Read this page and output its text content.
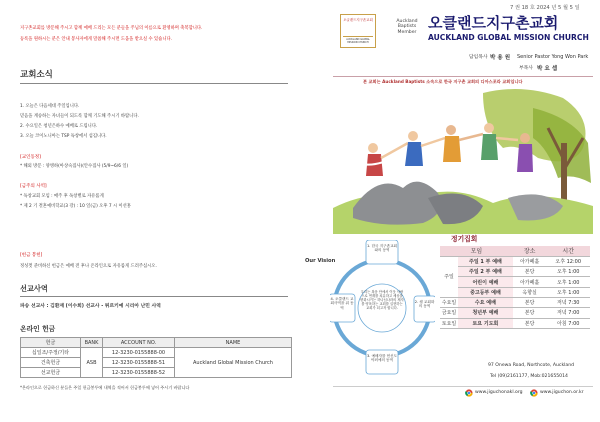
지구촌교회를 방문해 주시고 함께 예배 드리는 모든 분들을 주님의 이름으로 환영하며 축복합니다.
등록을 원하시는 분은 안내 봉사자에게 말씀해 주시면 도움을 받으실 수 있습니다.
교회소식
1. 오늘은 다음세대 주일입니다.
믿음을 계승하는 자녀들이 되도록 함께 기도해 주시기 바랍니다.
2. 수요일은 청년은하수 예배로 드립니다.
3. 오늘 코이노니아는 TSP 독창에서 섬깁니다.
[교인동정]
* 해외 방문 : 양병하(아상숙집사)(안수집사 (5/9~6/6 일)
[금주의 사역]
* 독창교회 모임 : 매주 후 독창별로 자유롭게
* 제 2 기 결혼예비학교(3 강) : 10 일(금) 오후 7 시 이선홍
[헌금 봉헌]
정성껏 준비하신 헌금은 예배 전 후나 온라인으로 자유롭게 드려주십시오.
선교사역
파송 선교사 : 김환재 (이수희) 선교사 - 튀르키예 시리아 난민 사역
온라인 헌금
헌금	BANK	ACCOUNT NO.	NAME
십일조/주정/기타	ASB	12-3230-0155888-00	Auckland Global Mission Church
건축헌금		12-3230-0155888-51	
선교헌금		12-3230-0155888-52	
*온라인으로 헌금하신 분들은 주일 헌금봉투에 내역을 적어서 헌금봉투에 넣어 주시기 바랍니다
7 권 18 호 2024 년 5 월 5 일
오클랜드지구촌교회
AUCKLAND GLOBAL MISSION CHURCH
Auckland Baptists Member
오클랜드지구촌교회
AUCKLAND GLOBAL MISSION CHURCH
담임목사 박 용 원 Senior Pastor Yong Won Park
부목사 박 요 셉
본 교회는 Auckland Baptists 소속으로 한국 지구촌 교회의 디아스포라 교회입니다
Our Vision
1. 한국 지구촌교회 와의 동역
2. 셀 교회화의 동역
3. 예배자를 헌신도 야외예의 동역
4. 오클랜드 교회사역을 위 동역
우리는 복음 안에서 이웃 사랑으로 연계를 치유하고 세상을 변화시키는 하나님나라의 제자를 양육하는 교회를 실현하는 교회가 되고자 합니다.
정기집회
모임		장소	시간
주일	주일 1 부 예배	아가페홀	오후 12:00
	주일 2 부 예배	본당	오후 1:00
	어린이 예배	아가페홀	오후 1:00
	중고등부 예배	옥향실	오후 1:00
수요일	수요 예배	본당	저녁 7:30
금요일	청년부 예배	본당	저녁 7:00
토요일	토요 기도회	본당	아침 7:00
97 Onewa Road, Northcote, Auckland
Tel (09)2161177, Mob:021655014
www.jiguchonakl.org	www.jiguchon.or.kr
